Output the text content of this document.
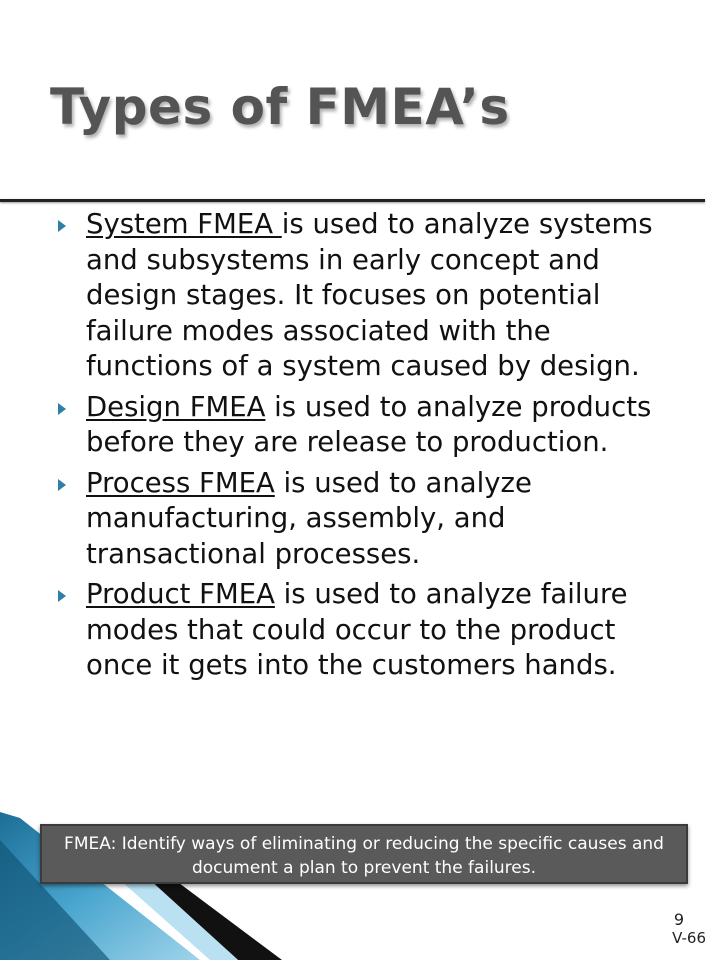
Types of FMEA’s
System FMEA is used to analyze systems and subsystems in early concept and design stages. It focuses on potential failure modes associated with the functions of a system caused by design.
Design FMEA is used to analyze products before they are release to production.
Process FMEA is used to analyze manufacturing, assembly, and transactional processes.
Product FMEA is used to analyze failure modes that could occur to the product once it gets into the customers hands.
FMEA: Identify ways of eliminating or reducing the specific causes and document a plan to prevent the failures.
9
V-66
